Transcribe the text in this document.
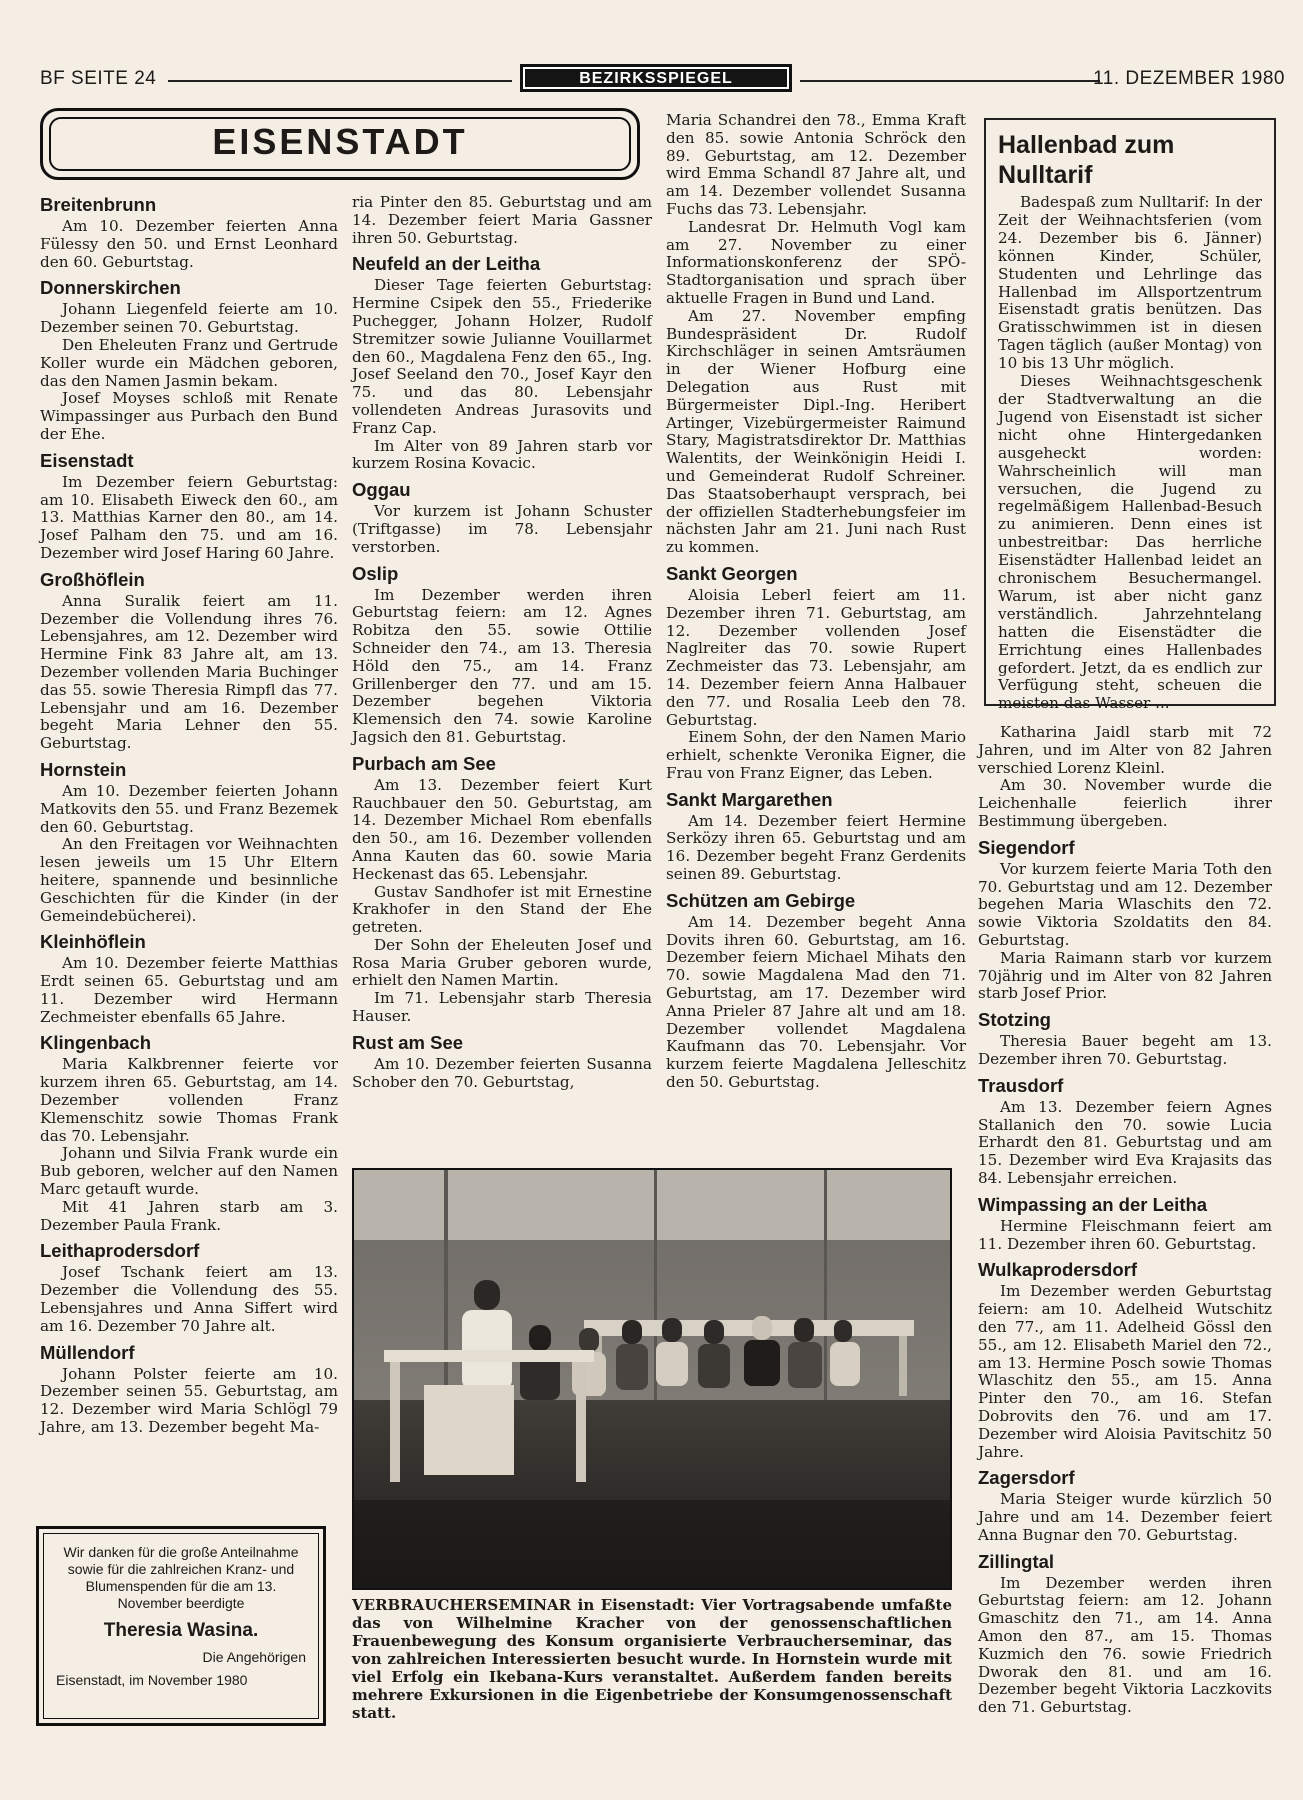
BF SEITE 24	BEZIRKSSPIEGEL	11. DEZEMBER 1980
EISENSTADT
Breitenbrunn

Am 10. Dezember feierten Anna Fülessy den 50. und Ernst Leonhard den 60. Geburtstag.

Donnerskirchen

Johann Liegenfeld feierte am 10. Dezember seinen 70. Geburtstag.

Den Eheleuten Franz und Gertrude Koller wurde ein Mädchen geboren, das den Namen Jasmin bekam.

Josef Moyses schloß mit Renate Wimpassinger aus Purbach den Bund der Ehe.

Eisenstadt

Im Dezember feiern Geburtstag: am 10. Elisabeth Eiweck den 60., am 13. Matthias Karner den 80., am 14. Josef Palham den 75. und am 16. Dezember wird Josef Haring 60 Jahre.

Großhöflein

Anna Suralik feiert am 11. Dezember die Vollendung ihres 76. Lebensjahres, am 12. Dezember wird Hermine Fink 83 Jahre alt, am 13. Dezember vollenden Maria Buchinger das 55. sowie Theresia Rimpfl das 77. Lebensjahr und am 16. Dezember begeht Maria Lehner den 55. Geburtstag.

Hornstein

Am 10. Dezember feierten Johann Matkovits den 55. und Franz Bezemek den 60. Geburtstag.

An den Freitagen vor Weihnachten lesen jeweils um 15 Uhr Eltern heitere, spannende und besinnliche Geschichten für die Kinder (in der Gemeindebücherei).

Kleinhöflein

Am 10. Dezember feierte Matthias Erdt seinen 65. Geburtstag und am 11. Dezember wird Hermann Zechmeister ebenfalls 65 Jahre.

Klingenbach

Maria Kalkbrenner feierte vor kurzem ihren 65. Geburtstag, am 14. Dezember vollenden Franz Klemenschitz sowie Thomas Frank das 70. Lebensjahr.

Johann und Silvia Frank wurde ein Bub geboren, welcher auf den Namen Marc getauft wurde.

Mit 41 Jahren starb am 3. Dezember Paula Frank.

Leithaprodersdorf

Josef Tschank feiert am 13. Dezember die Vollendung des 55. Lebensjahres und Anna Siffert wird am 16. Dezember 70 Jahre alt.

Müllendorf

Johann Polster feierte am 10. Dezember seinen 55. Geburtstag, am 12. Dezember wird Maria Schlögl 79 Jahre, am 13. Dezember begeht Ma-

ria Pinter den 85. Geburtstag und am 14. Dezember feiert Maria Gassner ihren 50. Geburtstag.

Neufeld an der Leitha

Dieser Tage feierten Geburtstag: Hermine Csipek den 55., Friederike Puchegger, Johann Holzer, Rudolf Stremitzer sowie Julianne Vouillarmet den 60., Magdalena Fenz den 65., Ing. Josef Seeland den 70., Josef Kayr den 75. und das 80. Lebensjahr vollendeten Andreas Jurasovits und Franz Cap.

Im Alter von 89 Jahren starb vor kurzem Rosina Kovacic.

Oggau

Vor kurzem ist Johann Schuster (Triftgasse) im 78. Lebensjahr verstorben.

Oslip

Im Dezember werden ihren Geburtstag feiern: am 12. Agnes Robitza den 55. sowie Ottilie Schneider den 74., am 13. Theresia Höld den 75., am 14. Franz Grillenberger den 77. und am 15. Dezember begehen Viktoria Klemensich den 74. sowie Karoline Jagsich den 81. Geburtstag.

Purbach am See

Am 13. Dezember feiert Kurt Rauchbauer den 50. Geburtstag, am 14. Dezember Michael Rom ebenfalls den 50., am 16. Dezember vollenden Anna Kauten das 60. sowie Maria Heckenast das 65. Lebensjahr.

Gustav Sandhofer ist mit Ernestine Krakhofer in den Stand der Ehe getreten.

Der Sohn der Eheleuten Josef und Rosa Maria Gruber geboren wurde, erhielt den Namen Martin.

Im 71. Lebensjahr starb Theresia Hauser.

Rust am See

Am 10. Dezember feierten Susanna Schober den 70. Geburtstag,

Maria Schandrei den 78., Emma Kraft den 85. sowie Antonia Schröck den 89. Geburtstag, am 12. Dezember wird Emma Schandl 87 Jahre alt, und am 14. Dezember vollendet Susanna Fuchs das 73. Lebensjahr.

Landesrat Dr. Helmuth Vogl kam am 27. November zu einer Informationskonferenz der SPÖ-Stadtorganisation und sprach über aktuelle Fragen in Bund und Land.

Am 27. November empfing Bundespräsident Dr. Rudolf Kirchschläger in seinen Amtsräumen in der Wiener Hofburg eine Delegation aus Rust mit Bürgermeister Dipl.-Ing. Heribert Artinger, Vizebürgermeister Raimund Stary, Magistratsdirektor Dr. Matthias Walentits, der Weinkönigin Heidi I. und Gemeinderat Rudolf Schreiner. Das Staatsoberhaupt versprach, bei der offiziellen Stadterhebungsfeier im nächsten Jahr am 21. Juni nach Rust zu kommen.

Sankt Georgen

Aloisia Leberl feiert am 11. Dezember ihren 71. Geburtstag, am 12. Dezember vollenden Josef Naglreiter das 70. sowie Rupert Zechmeister das 73. Lebensjahr, am 14. Dezember feiern Anna Halbauer den 77. und Rosalia Leeb den 78. Geburtstag.

Einem Sohn, der den Namen Mario erhielt, schenkte Veronika Eigner, die Frau von Franz Eigner, das Leben.

Sankt Margarethen

Am 14. Dezember feiert Hermine Serközy ihren 65. Geburtstag und am 16. Dezember begeht Franz Gerdenits seinen 89. Geburtstag.

Schützen am Gebirge

Am 14. Dezember begeht Anna Dovits ihren 60. Geburtstag, am 16. Dezember feiern Michael Mihats den 70. sowie Magdalena Mad den 71. Geburtstag, am 17. Dezember wird Anna Prieler 87 Jahre alt und am 18. Dezember vollendet Magdalena Kaufmann das 70. Lebensjahr. Vor kurzem feierte Magdalena Jelleschitz den 50. Geburtstag.

Hallenbad zum Nulltarif

Badespaß zum Nulltarif: In der Zeit der Weihnachtsferien (vom 24. Dezember bis 6. Jänner) können Kinder, Schüler, Studenten und Lehrlinge das Hallenbad im Allsportzentrum Eisenstadt gratis benützen. Das Gratisschwimmen ist in diesen Tagen täglich (außer Montag) von 10 bis 13 Uhr möglich.

Dieses Weihnachtsgeschenk der Stadtverwaltung an die Jugend von Eisenstadt ist sicher nicht ohne Hintergedanken ausgeheckt worden: Wahrscheinlich will man versuchen, die Jugend zu regelmäßigem Hallenbad-Besuch zu animieren. Denn eines ist unbestreitbar: Das herrliche Eisenstädter Hallenbad leidet an chronischem Besuchermangel. Warum, ist aber nicht ganz verständlich. Jahrzehntelang hatten die Eisenstädter die Errichtung eines Hallenbades gefordert. Jetzt, da es endlich zur Verfügung steht, scheuen die meisten das Wasser ...

Katharina Jaidl starb mit 72 Jahren, und im Alter von 82 Jahren verschied Lorenz Kleinl.

Am 30. November wurde die Leichenhalle feierlich ihrer Bestimmung übergeben.

Siegendorf

Vor kurzem feierte Maria Toth den 70. Geburtstag und am 12. Dezember begehen Maria Wlaschits den 72. sowie Viktoria Szoldatits den 84. Geburtstag.

Maria Raimann starb vor kurzem 70jährig und im Alter von 82 Jahren starb Josef Prior.

Stotzing

Theresia Bauer begeht am 13. Dezember ihren 70. Geburtstag.

Trausdorf

Am 13. Dezember feiern Agnes Stallanich den 70. sowie Lucia Erhardt den 81. Geburtstag und am 15. Dezember wird Eva Krajasits das 84. Lebensjahr erreichen.

Wimpassing an der Leitha

Hermine Fleischmann feiert am 11. Dezember ihren 60. Geburtstag.

Wulkaprodersdorf

Im Dezember werden Geburtstag feiern: am 10. Adelheid Wutschitz den 77., am 11. Adelheid Gössl den 55., am 12. Elisabeth Mariel den 72., am 13. Hermine Posch sowie Thomas Wlaschitz den 55., am 15. Anna Pinter den 70., am 16. Stefan Dobrovits den 76. und am 17. Dezember wird Aloisia Pavitschitz 50 Jahre.

Zagersdorf

Maria Steiger wurde kürzlich 50 Jahre und am 14. Dezember feiert Anna Bugnar den 70. Geburtstag.

Zillingtal

Im Dezember werden ihren Geburtstag feiern: am 12. Johann Gmaschitz den 71., am 14. Anna Amon den 87., am 15. Thomas Kuzmich den 76. sowie Friedrich Dworak den 81. und am 16. Dezember begeht Viktoria Laczkovits den 71. Geburtstag.

Wir danken für die große Anteilnahme sowie für die zahlreichen Kranz- und Blumenspenden für die am 13. November beerdigte
Theresia Wasina.
Die Angehörigen
Eisenstadt, im November 1980
VERBRAUCHERSEMINAR in Eisenstadt: Vier Vortragsabende umfaßte das von Wilhelmine Kracher von der genossenschaftlichen Frauenbewegung des Konsum organisierte Verbraucherseminar, das von zahlreichen Interessierten besucht wurde. In Hornstein wurde mit viel Erfolg ein Ikebana-Kurs veranstaltet. Außerdem fanden bereits mehrere Exkursionen in die Eigenbetriebe der Konsumgenossenschaft statt.
